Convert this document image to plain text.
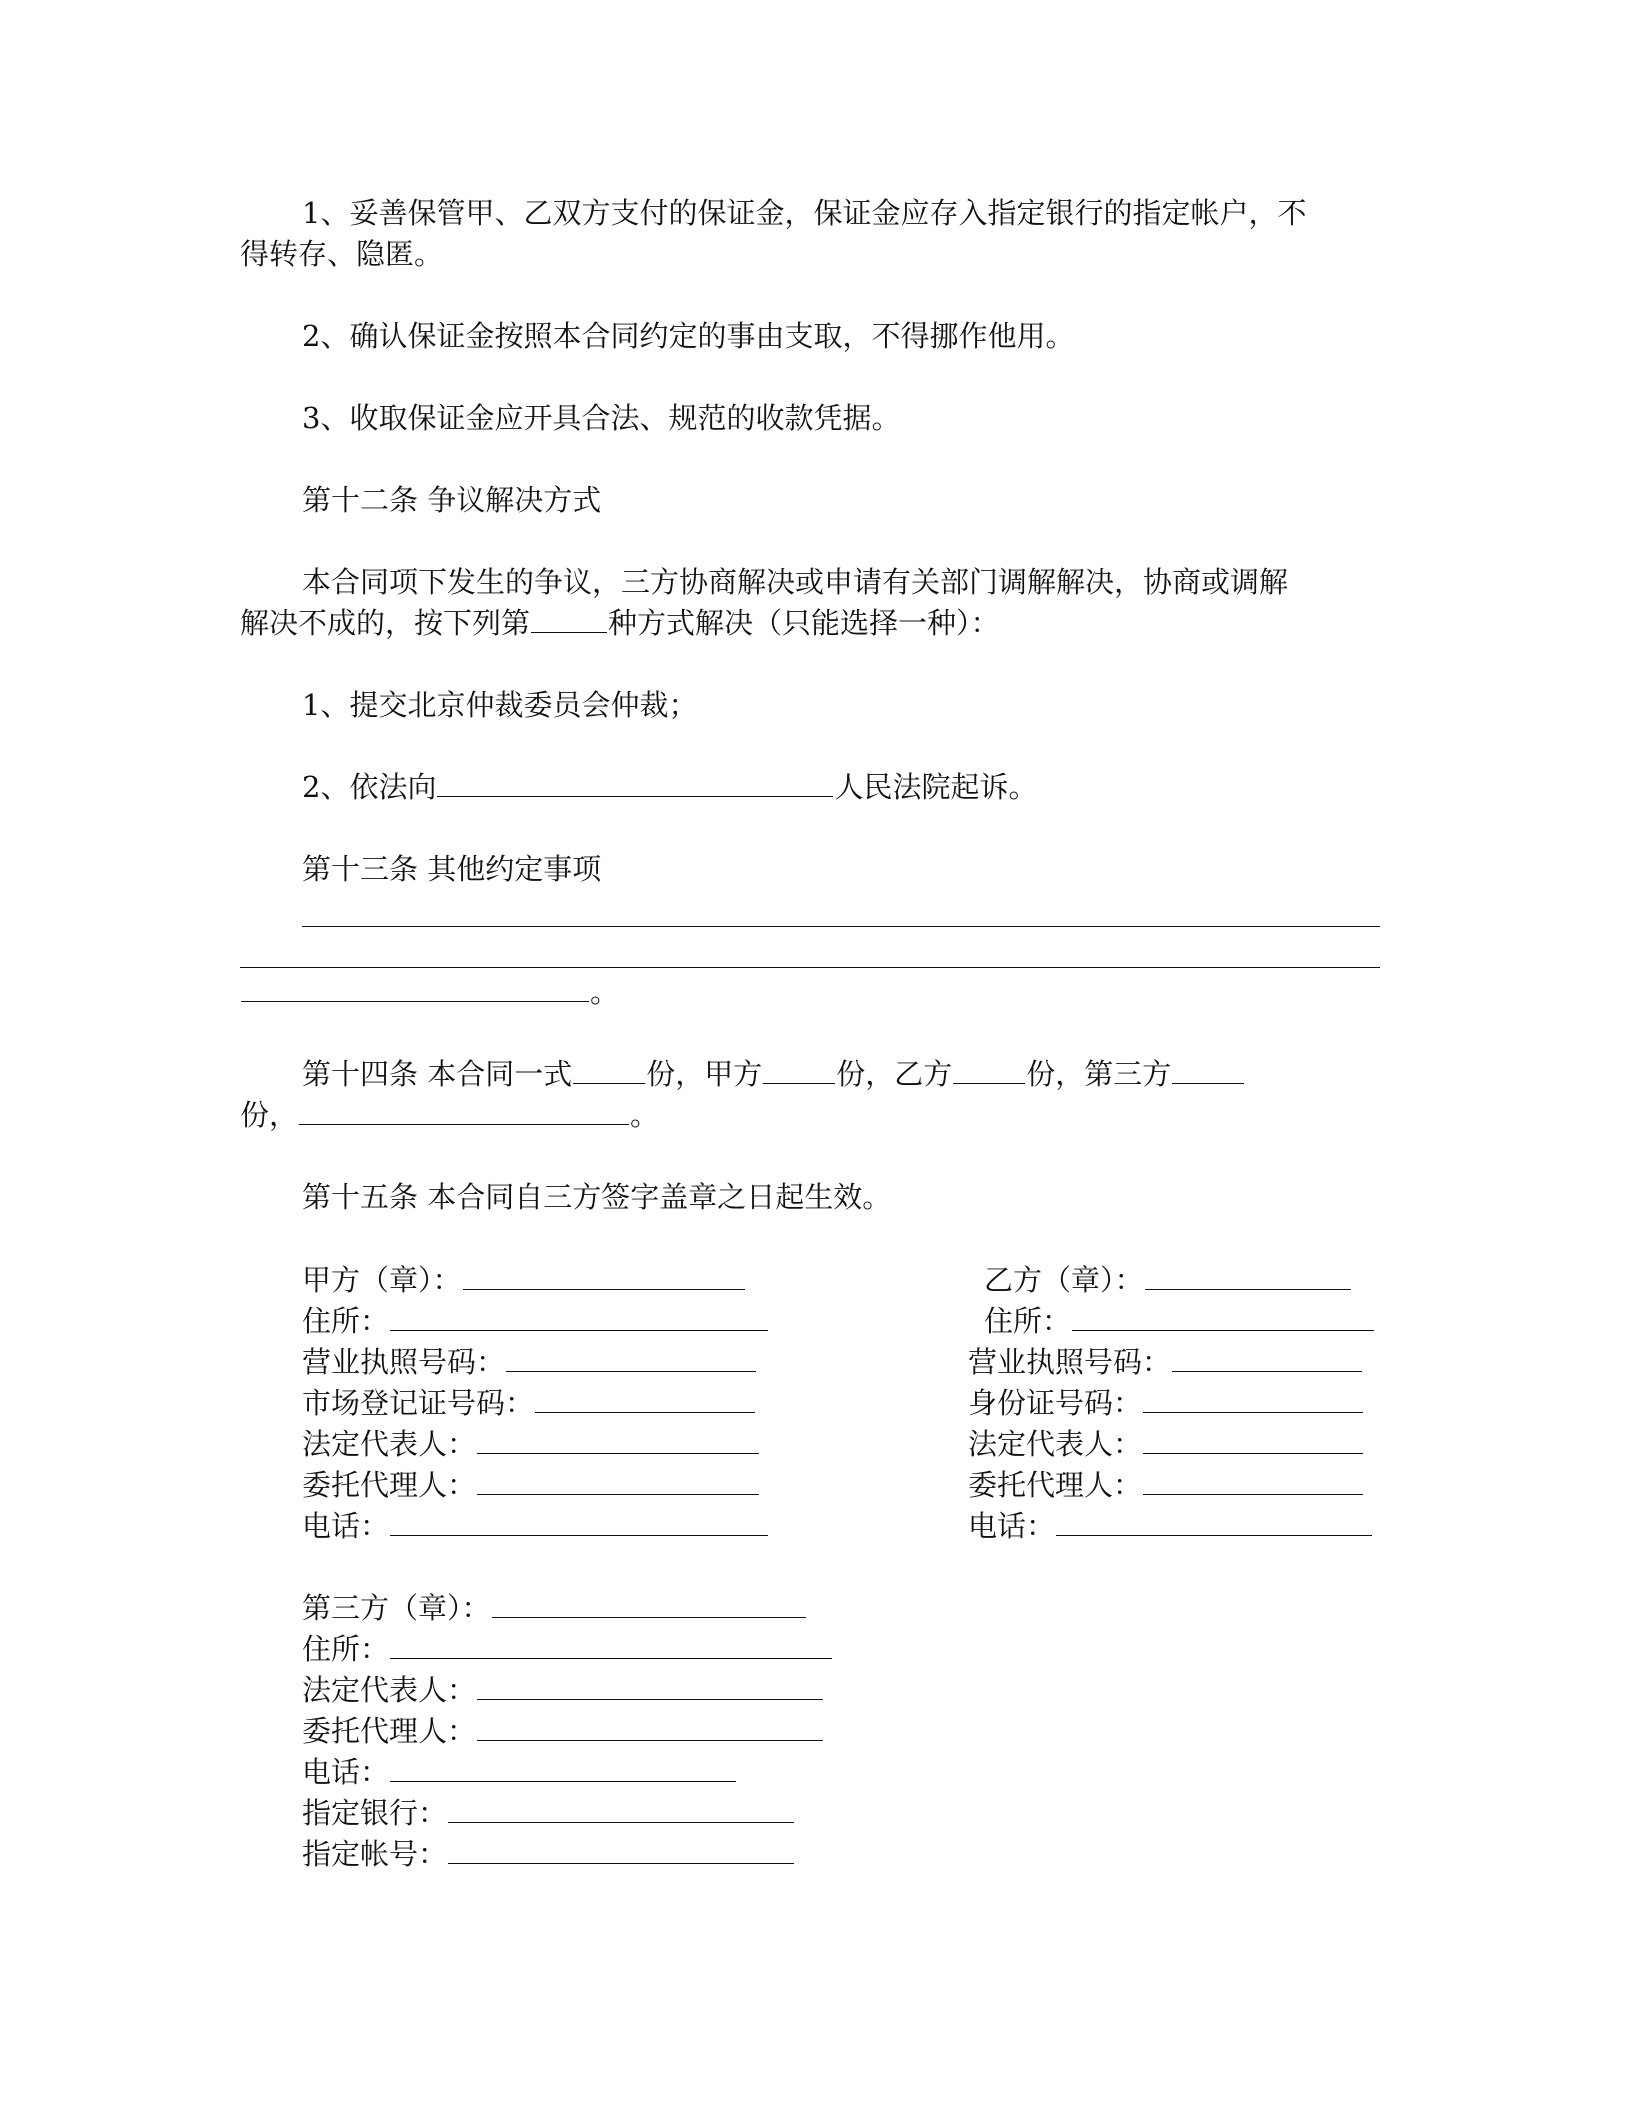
1、妥善保管甲、乙双方支付的保证金，保证金应存入指定银行的指定帐户，不
得转存、隐匿。
2、确认保证金按照本合同约定的事由支取，不得挪作他用。
3、收取保证金应开具合法、规范的收款凭据。
第十二条 争议解决方式
本合同项下发生的争议，三方协商解决或申请有关部门调解解决，协商或调解
解决不成的，按下列第	种方式解决（只能选择一种）：
1、提交北京仲裁委员会仲裁；
2、依法向	人民法院起诉。
第十三条 其他约定事项
。
第十四条 本合同一式	份，甲方	份，乙方	份，第三方
份，	。
第十五条 本合同自三方签字盖章之日起生效。
甲方（章）：
住所：
营业执照号码：
市场登记证号码：
法定代表人：
委托代理人：
电话：
乙方（章）：
住所：
营业执照号码：
身份证号码：
法定代表人：
委托代理人：
电话：
第三方（章）：
住所：
法定代表人：
委托代理人：
电话：
指定银行：
指定帐号：
